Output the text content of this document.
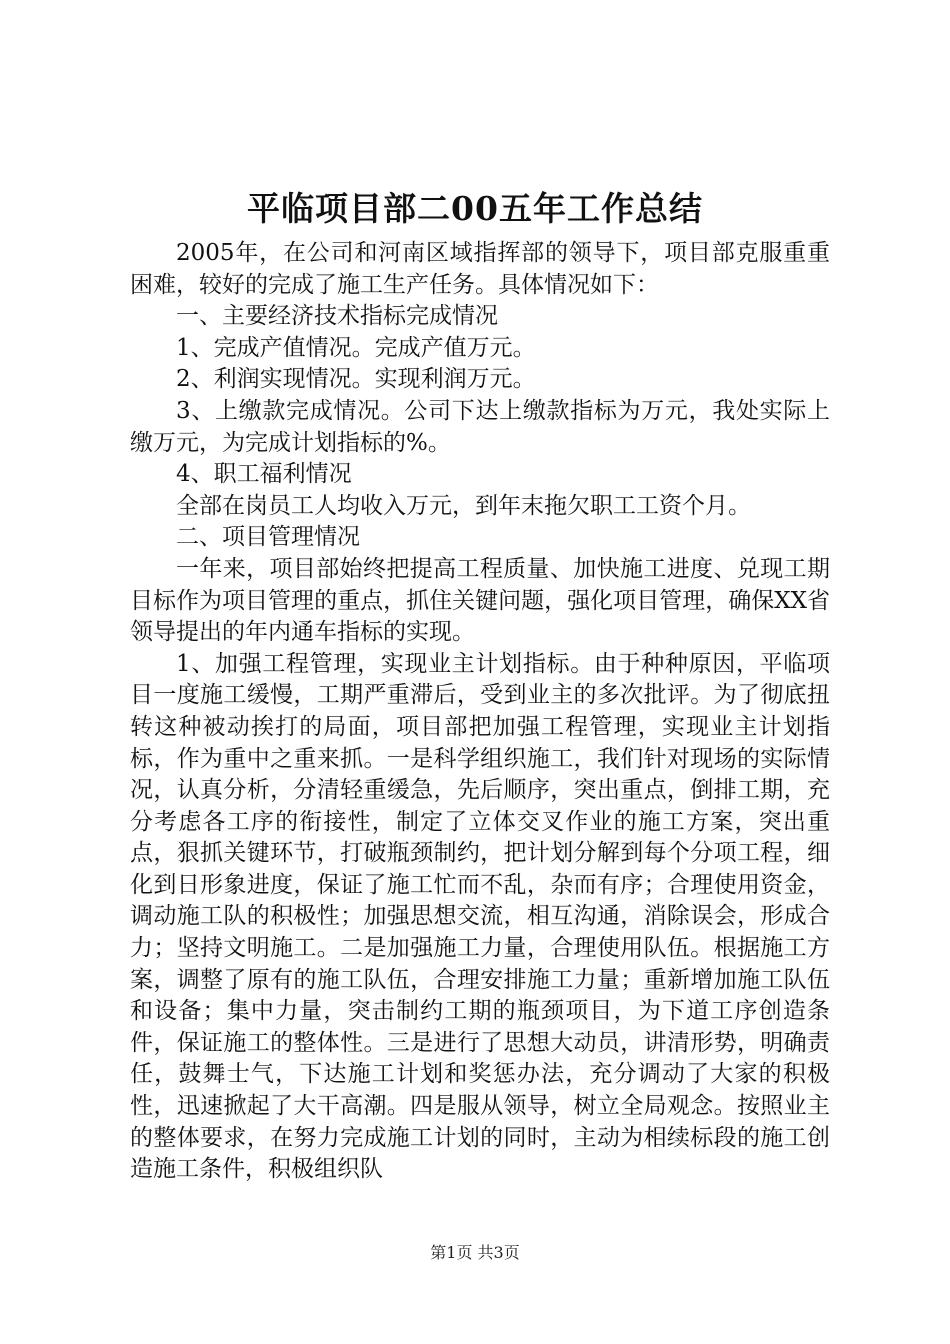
平临项目部二00五年工作总结

2005年，在公司和河南区域指挥部的领导下，项目部克服重重困难，较好的完成了施工生产任务。具体情况如下：

一、主要经济技术指标完成情况

1、完成产值情况。完成产值万元。

2、利润实现情况。实现利润万元。

3、上缴款完成情况。公司下达上缴款指标为万元，我处实际上缴万元，为完成计划指标的%。

4、职工福利情况

全部在岗员工人均收入万元，到年末拖欠职工工资个月。

二、项目管理情况

一年来，项目部始终把提高工程质量、加快施工进度、兑现工期目标作为项目管理的重点，抓住关键问题，强化项目管理，确保XX省领导提出的年内通车指标的实现。

1、加强工程管理，实现业主计划指标。由于种种原因，平临项目一度施工缓慢，工期严重滞后，受到业主的多次批评。为了彻底扭转这种被动挨打的局面，项目部把加强工程管理，实现业主计划指标，作为重中之重来抓。一是科学组织施工，我们针对现场的实际情况，认真分析，分清轻重缓急，先后顺序，突出重点，倒排工期，充分考虑各工序的衔接性，制定了立体交叉作业的施工方案，突出重点，狠抓关键环节，打破瓶颈制约，把计划分解到每个分项工程，细化到日形象进度，保证了施工忙而不乱，杂而有序；合理使用资金，调动施工队的积极性；加强思想交流，相互沟通，消除误会，形成合力；坚持文明施工。二是加强施工力量，合理使用队伍。根据施工方案，调整了原有的施工队伍，合理安排施工力量；重新增加施工队伍和设备；集中力量，突击制约工期的瓶颈项目，为下道工序创造条件，保证施工的整体性。三是进行了思想大动员，讲清形势，明确责任，鼓舞士气，下达施工计划和奖惩办法，充分调动了大家的积极性，迅速掀起了大干高潮。四是服从领导，树立全局观念。按照业主的整体要求，在努力完成施工计划的同时，主动为相续标段的施工创造施工条件，积极组织队

第1页 共3页
